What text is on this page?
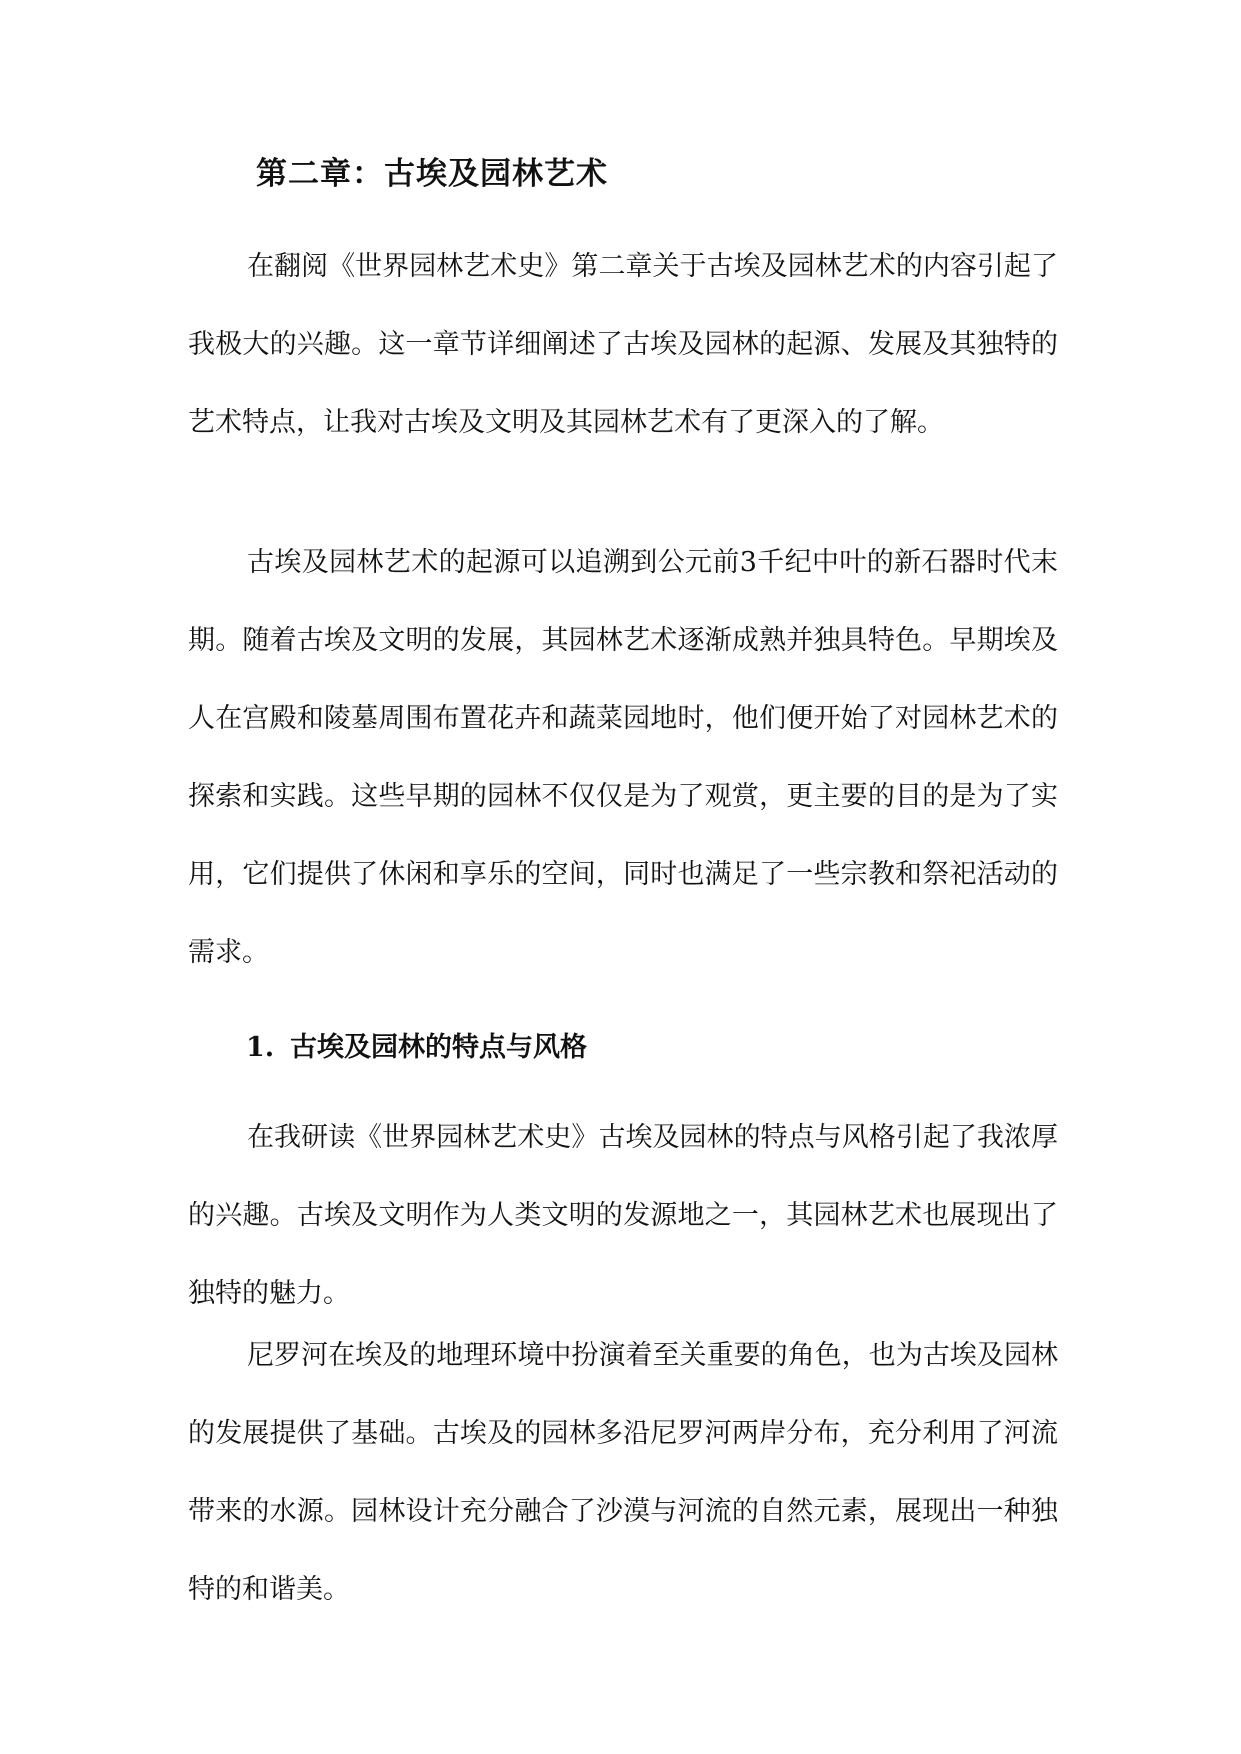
第二章：古埃及园林艺术

在翻阅《世界园林艺术史》第二章关于古埃及园林艺术的内容引起了我极大的兴趣。这一章节详细阐述了古埃及园林的起源、发展及其独特的艺术特点，让我对古埃及文明及其园林艺术有了更深入的了解。

古埃及园林艺术的起源可以追溯到公元前3千纪中叶的新石器时代末期。随着古埃及文明的发展，其园林艺术逐渐成熟并独具特色。早期埃及人在宫殿和陵墓周围布置花卉和蔬菜园地时，他们便开始了对园林艺术的探索和实践。这些早期的园林不仅仅是为了观赏，更主要的目的是为了实用，它们提供了休闲和享乐的空间，同时也满足了一些宗教和祭祀活动的需求。

1. 古埃及园林的特点与风格

在我研读《世界园林艺术史》古埃及园林的特点与风格引起了我浓厚的兴趣。古埃及文明作为人类文明的发源地之一，其园林艺术也展现出了独特的魅力。

尼罗河在埃及的地理环境中扮演着至关重要的角色，也为古埃及园林的发展提供了基础。古埃及的园林多沿尼罗河两岸分布，充分利用了河流带来的水源。园林设计充分融合了沙漠与河流的自然元素，展现出一种独特的和谐美。
